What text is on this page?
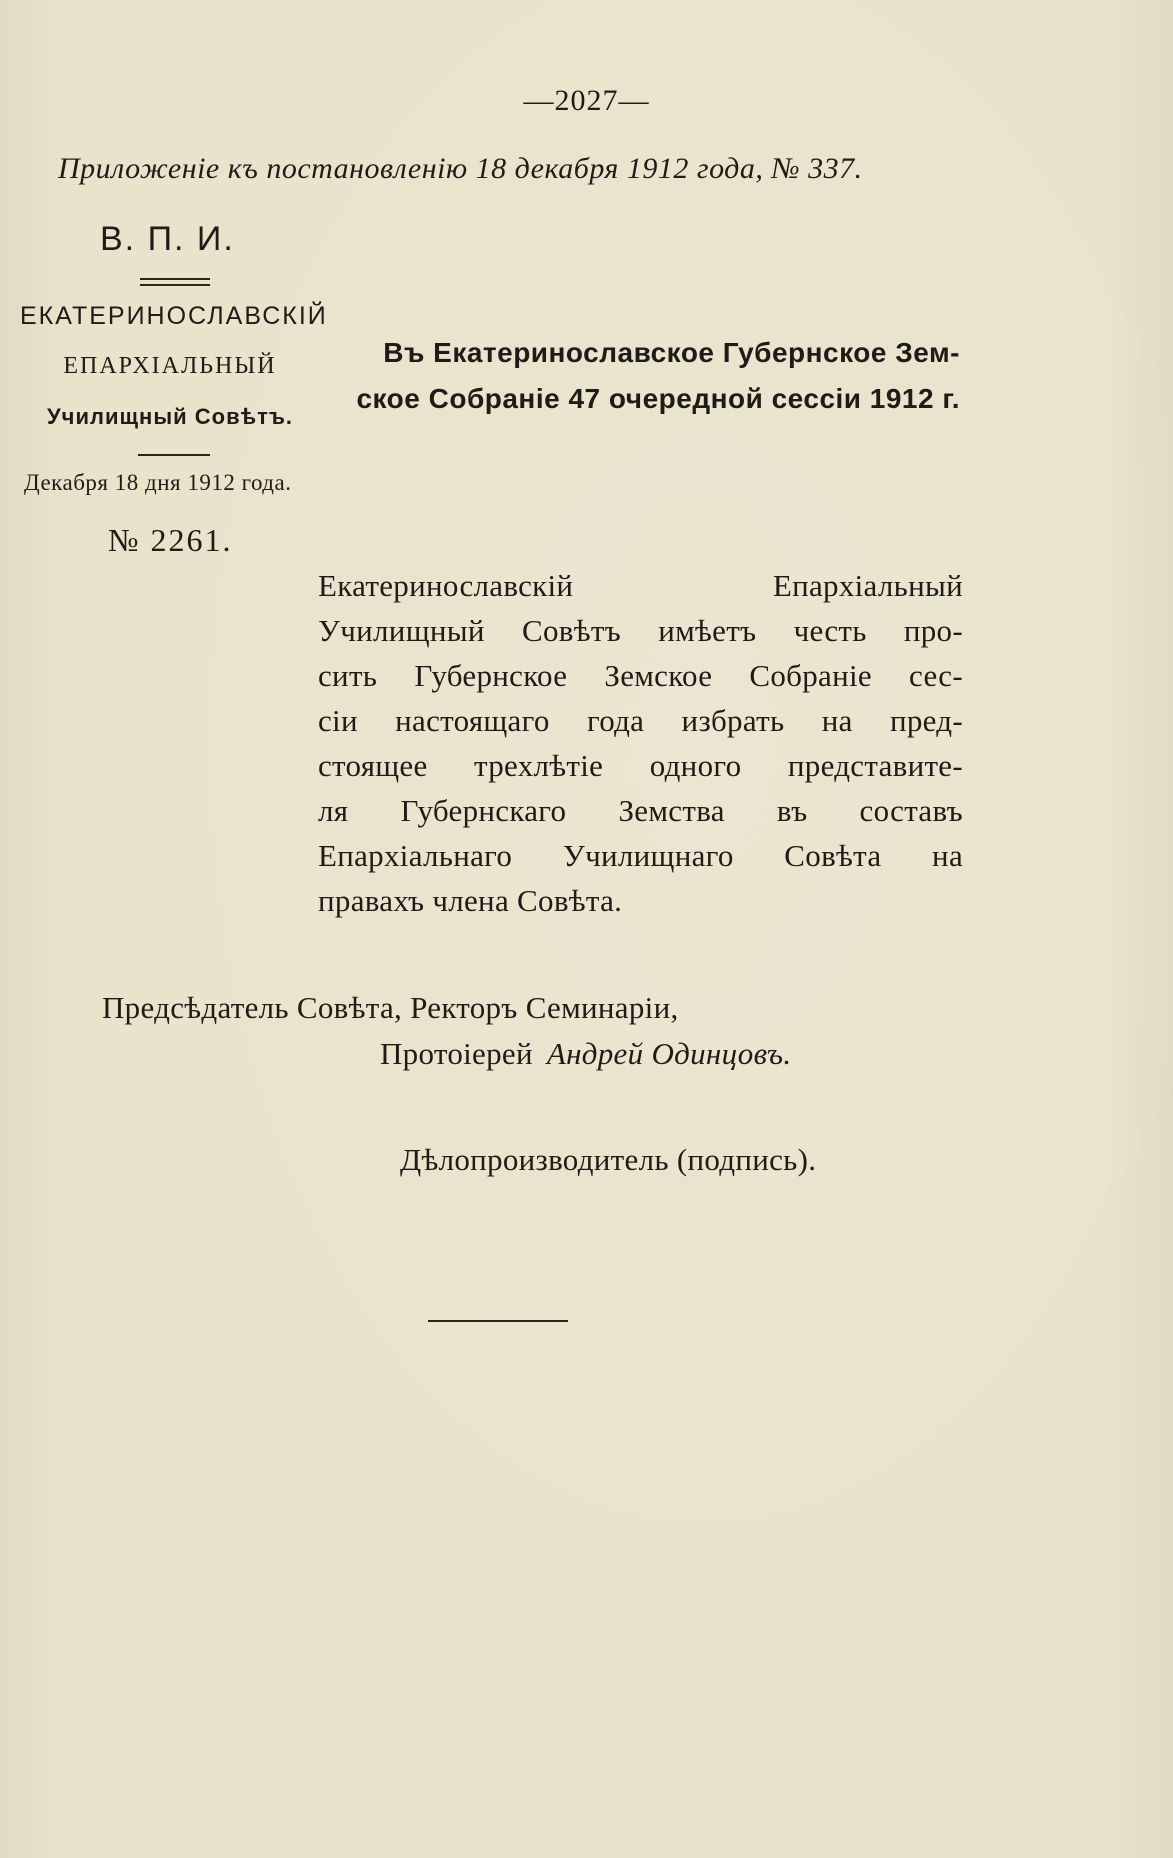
—2027—
Приложенiе къ постановленiю 18 декабря 1912 года, № 337.
В. П. И.
ЕКАТЕРИНОСЛАВСКIЙ
ЕПАРХIАЛЬНЫЙ
Училищный Совѣтъ.
Декабря 18 дня 1912 года.
№ 2261.
Въ Екатеринославское Губернское Зем-
ское Собранiе 47 очередной сессiи 1912 г.
Екатеринославскiй Епархiальный
Училищный Совѣтъ имѣетъ честь про-
сить Губернское Земское Собранiе сес-
сiи настоящаго года избрать на пред-
стоящее трехлѣтiе одного представите-
ля Губернскаго Земства въ составъ
Епархiальнаго Училищнаго Совѣта на
правахъ члена Совѣта.
Предсѣдатель Совѣта, Ректоръ Семинарiи,
Протоiерей Андрей Одинцовъ.
Дѣлопроизводитель (подпись).
